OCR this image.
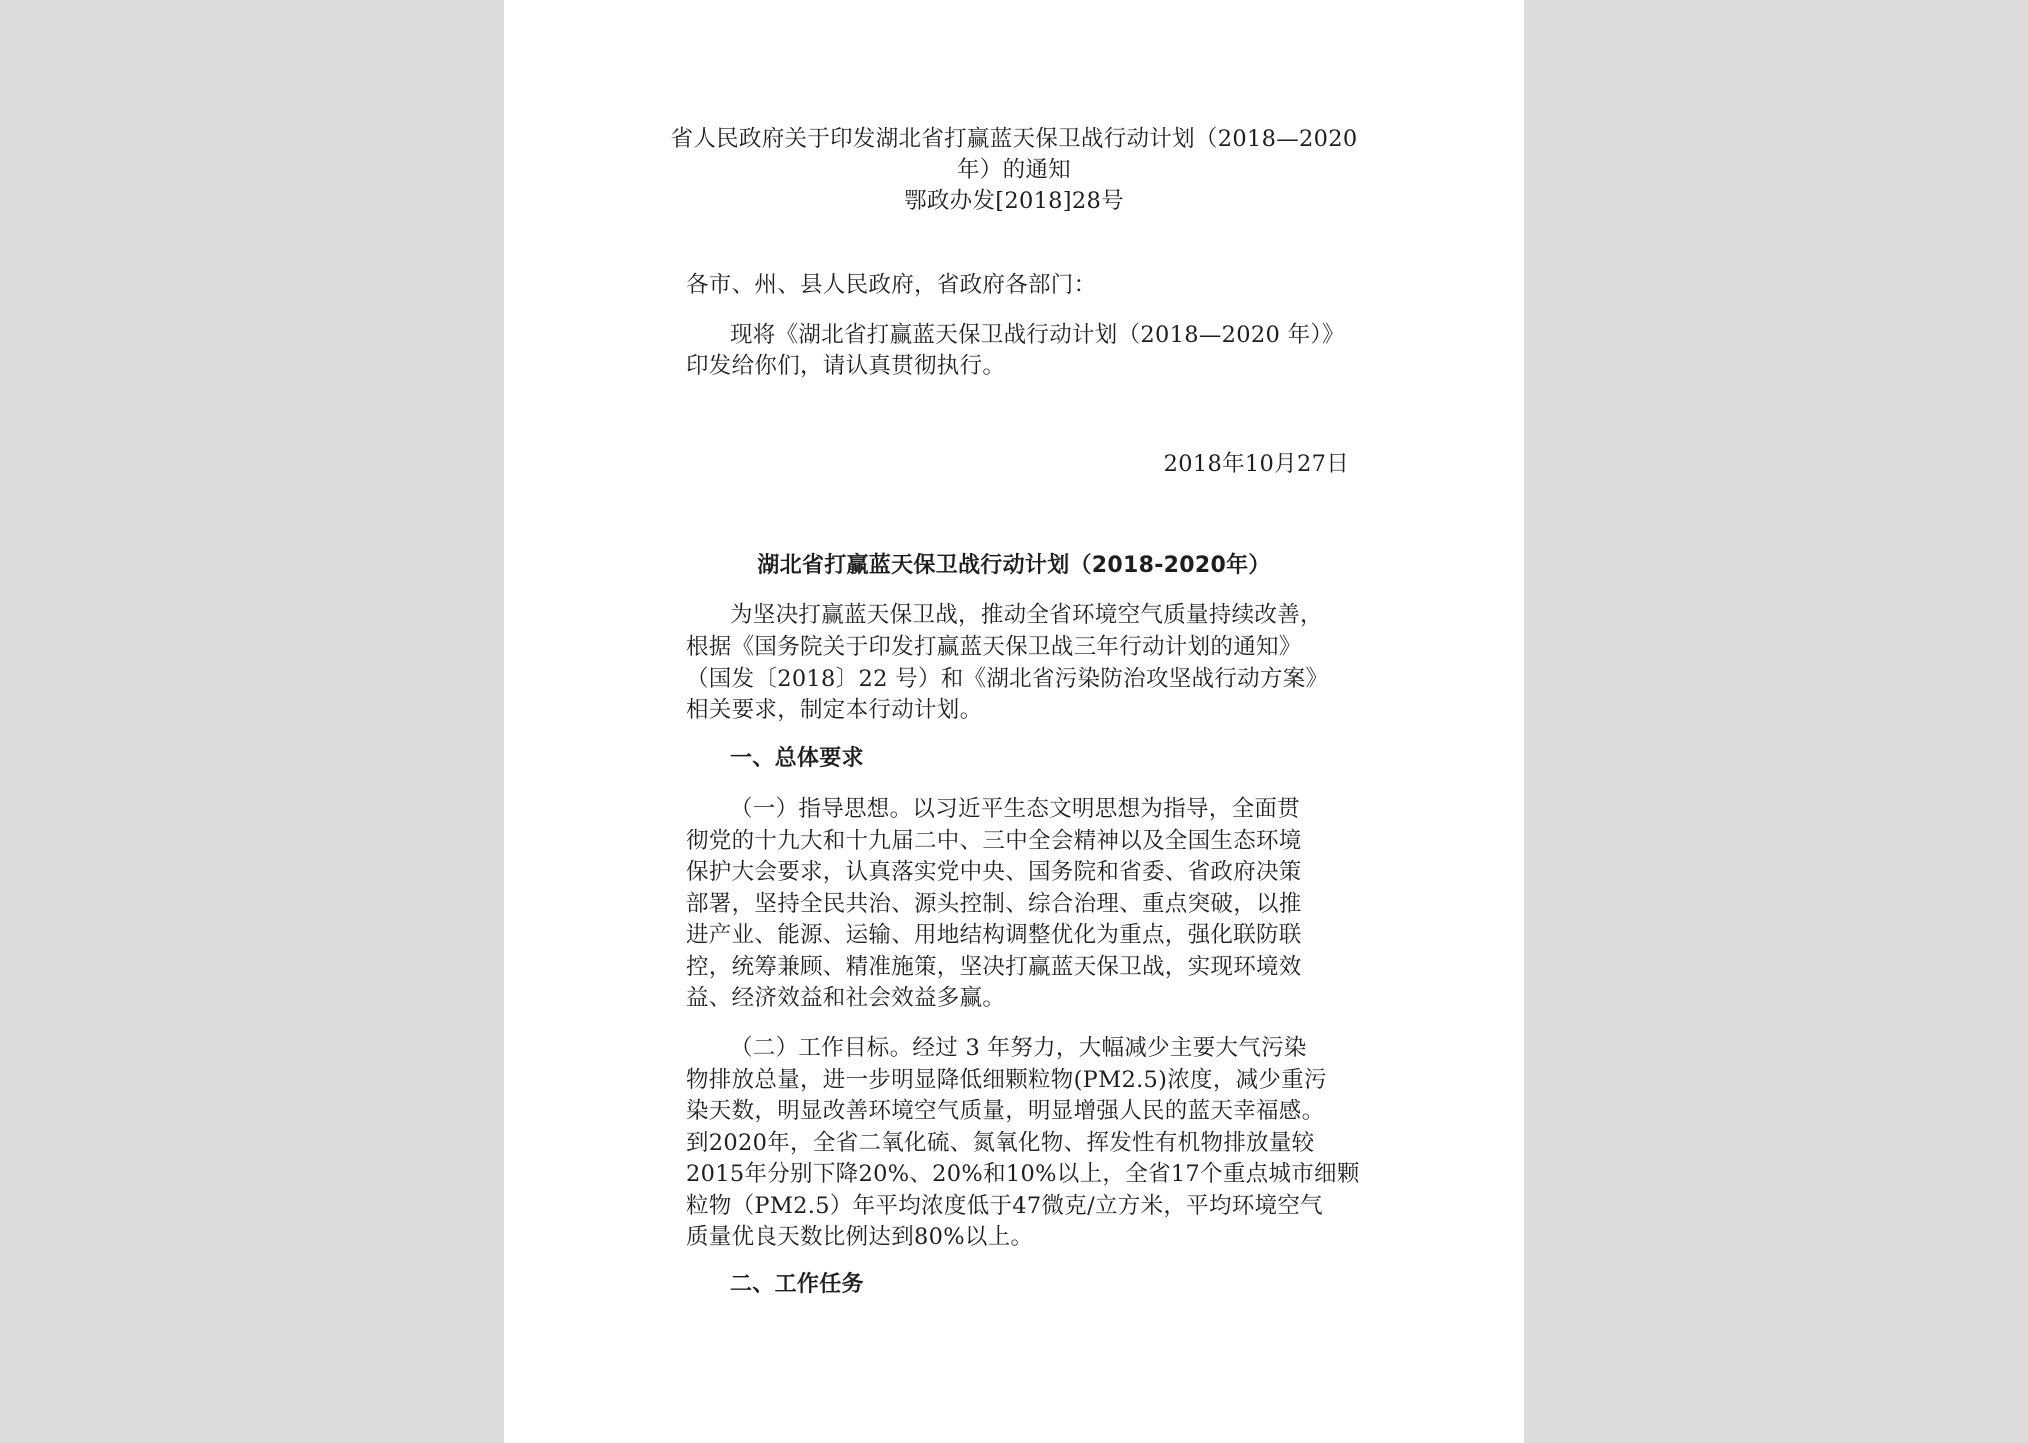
省人民政府关于印发湖北省打赢蓝天保卫战行动计划（2018—2020
年）的通知
鄂政办发[2018]28号
各市、州、县人民政府，省政府各部门：
现将《湖北省打赢蓝天保卫战行动计划（2018—2020 年）》
印发给你们，请认真贯彻执行。
2018年10月27日
湖北省打赢蓝天保卫战行动计划（2018-2020年）
为坚决打赢蓝天保卫战，推动全省环境空气质量持续改善，
根据《国务院关于印发打赢蓝天保卫战三年行动计划的通知》
（国发〔2018〕22 号）和《湖北省污染防治攻坚战行动方案》
相关要求，制定本行动计划。
一、总体要求
（一）指导思想。以习近平生态文明思想为指导，全面贯
彻党的十九大和十九届二中、三中全会精神以及全国生态环境
保护大会要求，认真落实党中央、国务院和省委、省政府决策
部署，坚持全民共治、源头控制、综合治理、重点突破，以推
进产业、能源、运输、用地结构调整优化为重点，强化联防联
控，统筹兼顾、精准施策，坚决打赢蓝天保卫战，实现环境效
益、经济效益和社会效益多赢。
（二）工作目标。经过 3 年努力，大幅减少主要大气污染
物排放总量，进一步明显降低细颗粒物(PM2.5)浓度，减少重污
染天数，明显改善环境空气质量，明显增强人民的蓝天幸福感。
到2020年，全省二氧化硫、氮氧化物、挥发性有机物排放量较
2015年分别下降20%、20%和10%以上，全省17个重点城市细颗
粒物（PM2.5）年平均浓度低于47微克/立方米，平均环境空气
质量优良天数比例达到80%以上。
二、工作任务
